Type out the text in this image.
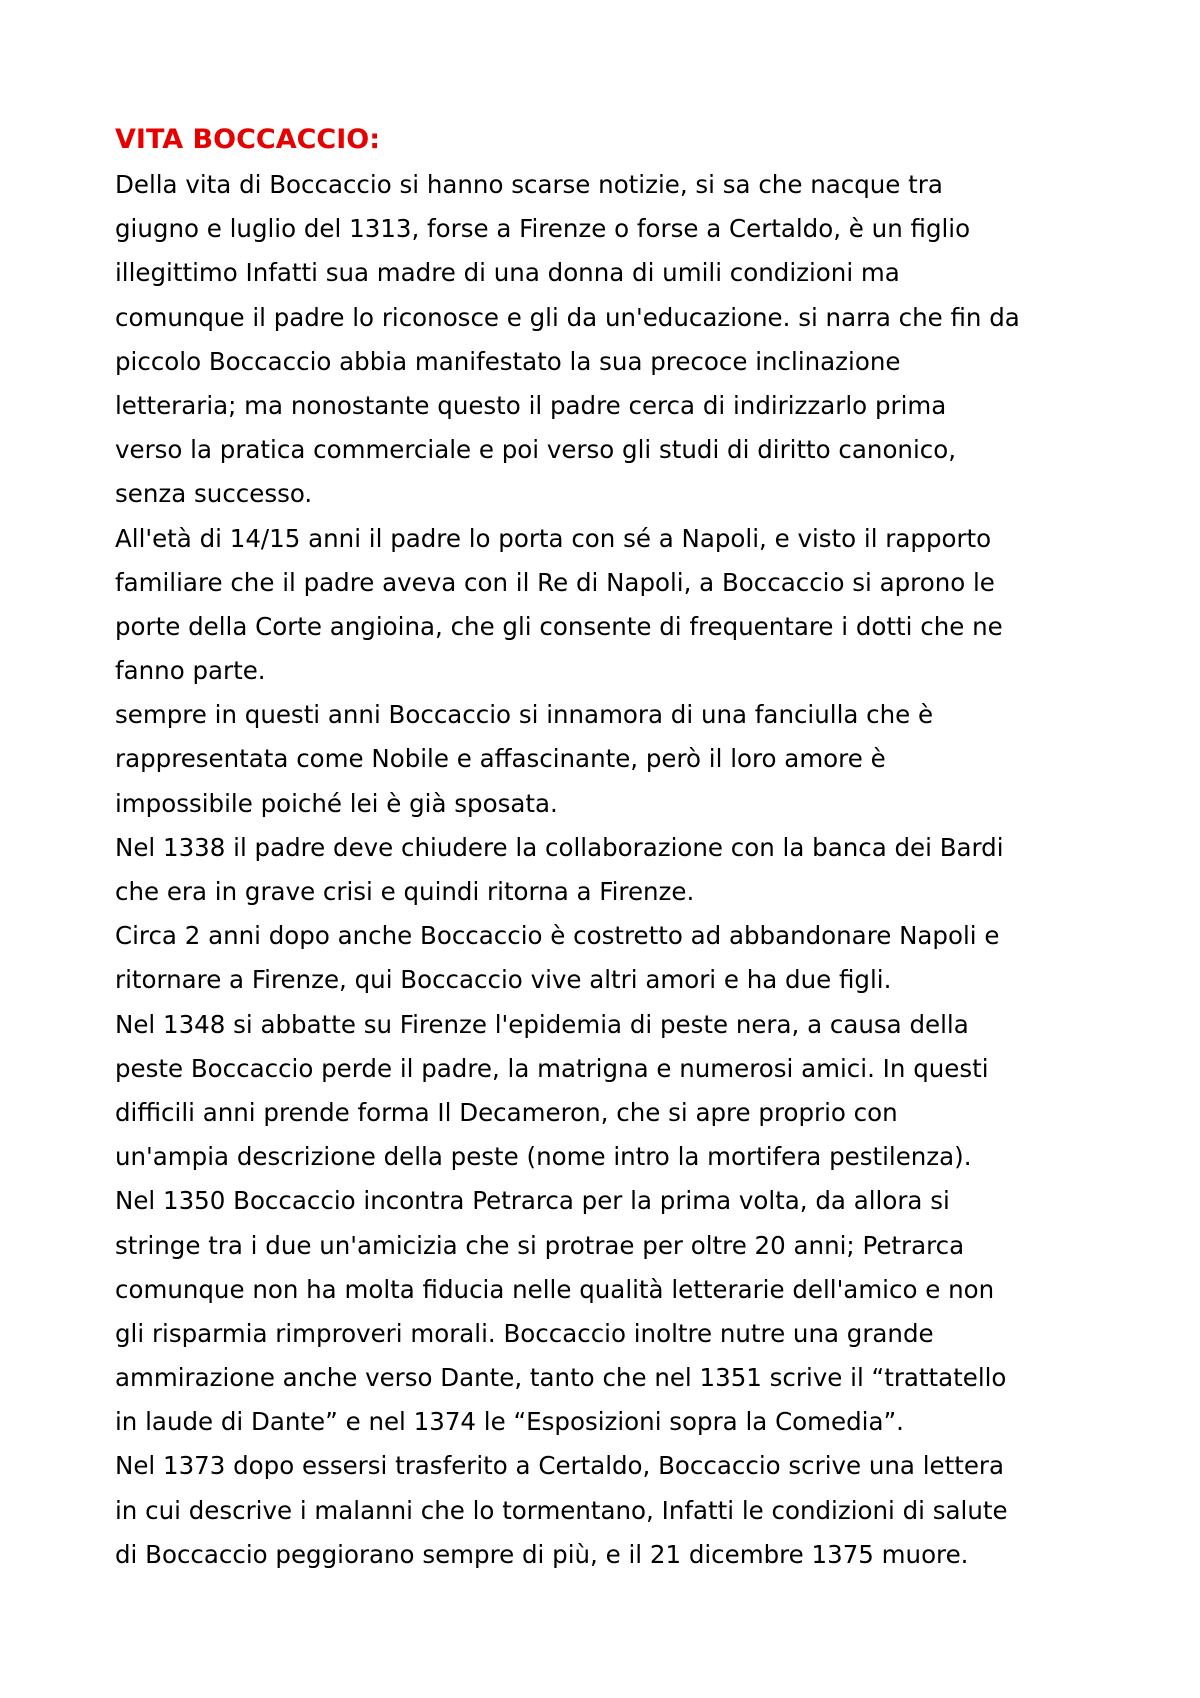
VITA BOCCACCIO:
Della vita di Boccaccio si hanno scarse notizie, si sa che nacque tra
giugno e luglio del 1313, forse a Firenze o forse a Certaldo, è un figlio
illegittimo Infatti sua madre di una donna di umili condizioni ma
comunque il padre lo riconosce e gli da un'educazione. si narra che fin da
piccolo Boccaccio abbia manifestato la sua precoce inclinazione
letteraria; ma nonostante questo il padre cerca di indirizzarlo prima
verso la pratica commerciale e poi verso gli studi di diritto canonico,
senza successo.
All'età di 14/15 anni il padre lo porta con sé a Napoli, e visto il rapporto
familiare che il padre aveva con il Re di Napoli, a Boccaccio si aprono le
porte della Corte angioina, che gli consente di frequentare i dotti che ne
fanno parte.
sempre in questi anni Boccaccio si innamora di una fanciulla che è
rappresentata come Nobile e affascinante, però il loro amore è
impossibile poiché lei è già sposata.
Nel 1338 il padre deve chiudere la collaborazione con la banca dei Bardi
che era in grave crisi e quindi ritorna a Firenze.
Circa 2 anni dopo anche Boccaccio è costretto ad abbandonare Napoli e
ritornare a Firenze, qui Boccaccio vive altri amori e ha due figli.
Nel 1348 si abbatte su Firenze l'epidemia di peste nera, a causa della
peste Boccaccio perde il padre, la matrigna e numerosi amici. In questi
difficili anni prende forma Il Decameron, che si apre proprio con
un'ampia descrizione della peste (nome intro la mortifera pestilenza).
Nel 1350 Boccaccio incontra Petrarca per la prima volta, da allora si
stringe tra i due un'amicizia che si protrae per oltre 20 anni; Petrarca
comunque non ha molta fiducia nelle qualità letterarie dell'amico e non
gli risparmia rimproveri morali. Boccaccio inoltre nutre una grande
ammirazione anche verso Dante, tanto che nel 1351 scrive il “trattatello
in laude di Dante” e nel 1374 le “Esposizioni sopra la Comedia”.
Nel 1373 dopo essersi trasferito a Certaldo, Boccaccio scrive una lettera
in cui descrive i malanni che lo tormentano, Infatti le condizioni di salute
di Boccaccio peggiorano sempre di più, e il 21 dicembre 1375 muore.
